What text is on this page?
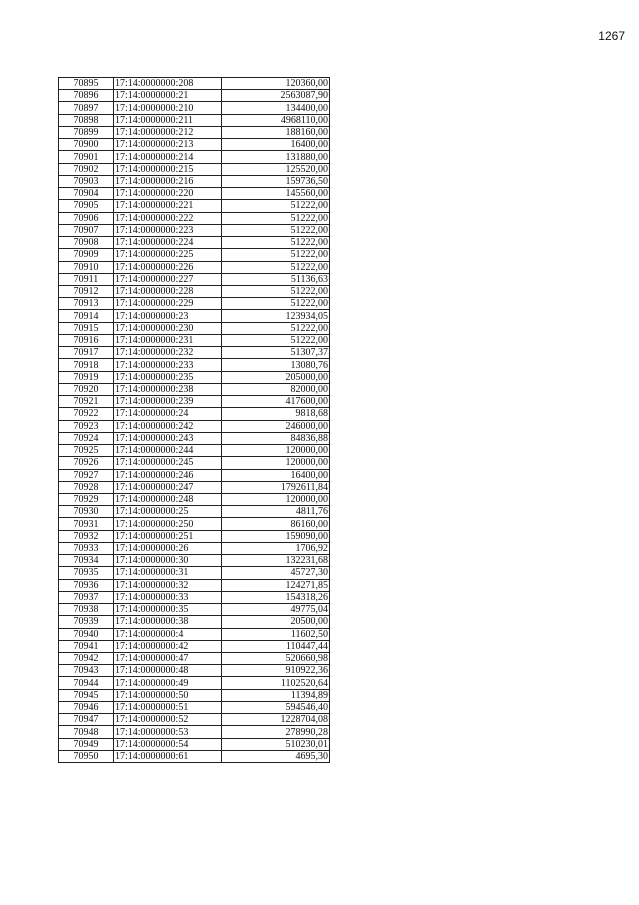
1267
70895	17:14:0000000:208	120360,00
70896	17:14:0000000:21	2563087,90
70897	17:14:0000000:210	134400,00
70898	17:14:0000000:211	4968110,00
70899	17:14:0000000:212	188160,00
70900	17:14:0000000:213	16400,00
70901	17:14:0000000:214	131880,00
70902	17:14:0000000:215	125520,00
70903	17:14:0000000:216	159736,50
70904	17:14:0000000:220	145560,00
70905	17:14:0000000:221	51222,00
70906	17:14:0000000:222	51222,00
70907	17:14:0000000:223	51222,00
70908	17:14:0000000:224	51222,00
70909	17:14:0000000:225	51222,00
70910	17:14:0000000:226	51222,00
70911	17:14:0000000:227	51136,63
70912	17:14:0000000:228	51222,00
70913	17:14:0000000:229	51222,00
70914	17:14:0000000:23	123934,05
70915	17:14:0000000:230	51222,00
70916	17:14:0000000:231	51222,00
70917	17:14:0000000:232	51307,37
70918	17:14:0000000:233	13080,76
70919	17:14:0000000:235	205000,00
70920	17:14:0000000:238	82000,00
70921	17:14:0000000:239	417600,00
70922	17:14:0000000:24	9818,68
70923	17:14:0000000:242	246000,00
70924	17:14:0000000:243	84836,88
70925	17:14:0000000:244	120000,00
70926	17:14:0000000:245	120000,00
70927	17:14:0000000:246	16400,00
70928	17:14:0000000:247	1792611,84
70929	17:14:0000000:248	120000,00
70930	17:14:0000000:25	4811,76
70931	17:14:0000000:250	86160,00
70932	17:14:0000000:251	159090,00
70933	17:14:0000000:26	1706,92
70934	17:14:0000000:30	132231,68
70935	17:14:0000000:31	45727,30
70936	17:14:0000000:32	124271,85
70937	17:14:0000000:33	154318,26
70938	17:14:0000000:35	49775,04
70939	17:14:0000000:38	20500,00
70940	17:14:0000000:4	11602,50
70941	17:14:0000000:42	110447,44
70942	17:14:0000000:47	520660,98
70943	17:14:0000000:48	910922,36
70944	17:14:0000000:49	1102520,64
70945	17:14:0000000:50	11394,89
70946	17:14:0000000:51	594546,40
70947	17:14:0000000:52	1228704,08
70948	17:14:0000000:53	278990,28
70949	17:14:0000000:54	510230,01
70950	17:14:0000000:61	4695,30
